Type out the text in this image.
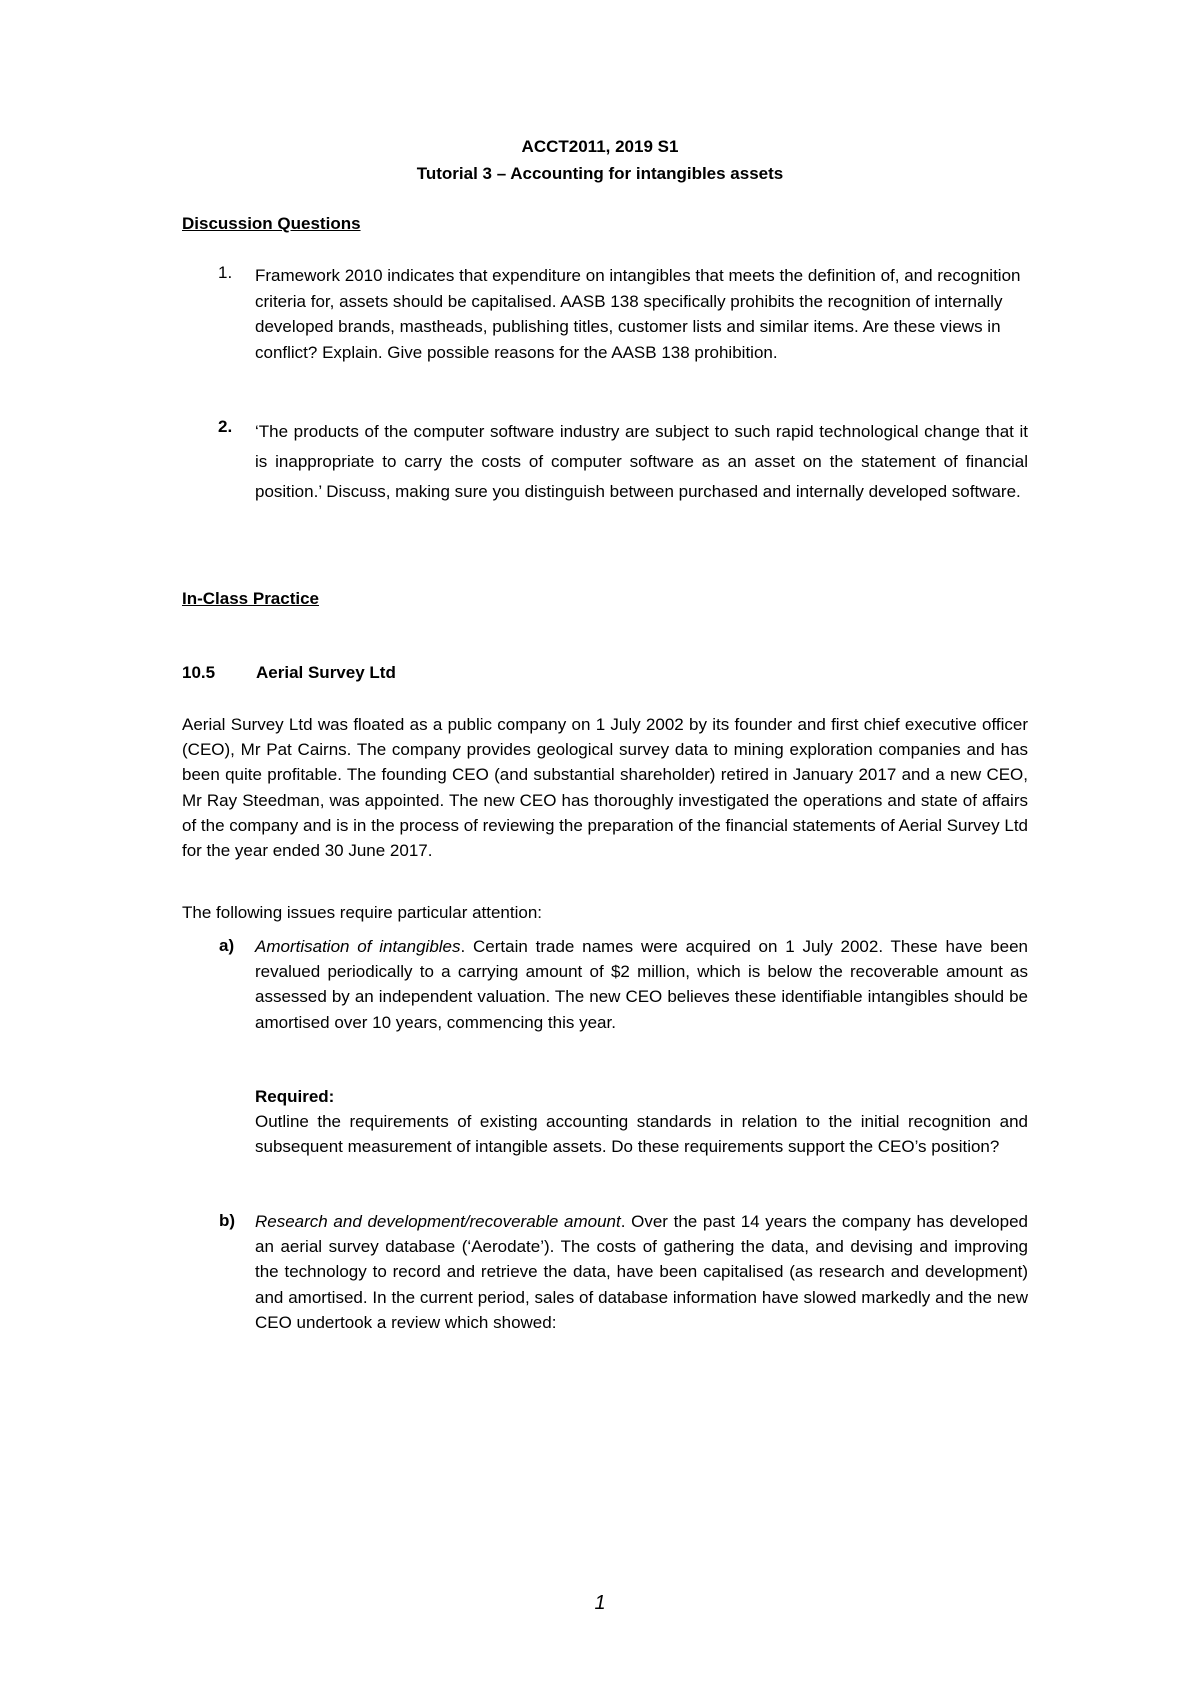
ACCT2011, 2019 S1
Tutorial 3 – Accounting for intangibles assets
Discussion Questions
1. Framework 2010 indicates that expenditure on intangibles that meets the definition of, and recognition criteria for, assets should be capitalised. AASB 138 specifically prohibits the recognition of internally developed brands, mastheads, publishing titles, customer lists and similar items. Are these views in conflict? Explain. Give possible reasons for the AASB 138 prohibition.
2. ‘The products of the computer software industry are subject to such rapid technological change that it is inappropriate to carry the costs of computer software as an asset on the statement of financial position.’ Discuss, making sure you distinguish between purchased and internally developed software.
In-Class Practice
10.5 Aerial Survey Ltd
Aerial Survey Ltd was floated as a public company on 1 July 2002 by its founder and first chief executive officer (CEO), Mr Pat Cairns. The company provides geological survey data to mining exploration companies and has been quite profitable. The founding CEO (and substantial shareholder) retired in January 2017 and a new CEO, Mr Ray Steedman, was appointed. The new CEO has thoroughly investigated the operations and state of affairs of the company and is in the process of reviewing the preparation of the financial statements of Aerial Survey Ltd for the year ended 30 June 2017.
The following issues require particular attention:
a) Amortisation of intangibles. Certain trade names were acquired on 1 July 2002. These have been revalued periodically to a carrying amount of $2 million, which is below the recoverable amount as assessed by an independent valuation. The new CEO believes these identifiable intangibles should be amortised over 10 years, commencing this year.
Required:
Outline the requirements of existing accounting standards in relation to the initial recognition and subsequent measurement of intangible assets. Do these requirements support the CEO’s position?
b) Research and development/recoverable amount. Over the past 14 years the company has developed an aerial survey database (‘Aerodate’). The costs of gathering the data, and devising and improving the technology to record and retrieve the data, have been capitalised (as research and development) and amortised. In the current period, sales of database information have slowed markedly and the new CEO undertook a review which showed:
1
